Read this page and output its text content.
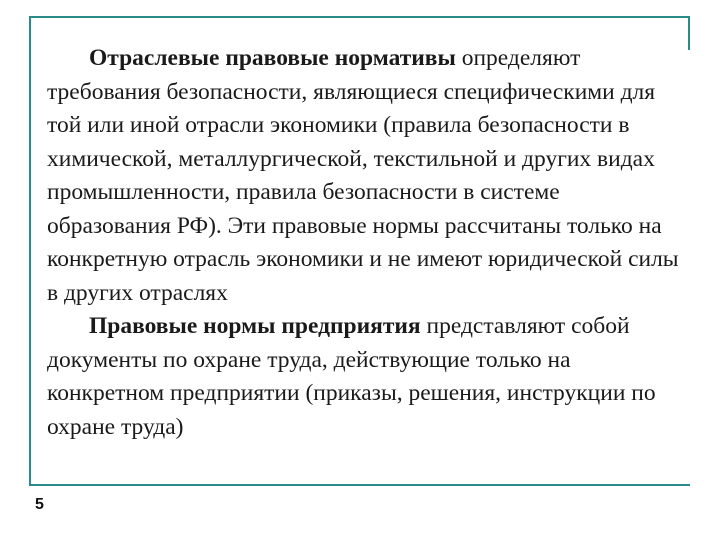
Отраслевые правовые нормативы определяют требования безопасности, являющиеся специфическими для той или иной отрасли экономики (правила безопасности в химической, металлургической, текстильной и других видах промышленности, правила безопасности в системе образования РФ). Эти правовые нормы рассчитаны только на конкретную отрасль экономики и не имеют юридической силы в других отраслях

Правовые нормы предприятия представляют собой документы по охране труда, действующие только на конкретном предприятии (приказы, решения, инструкции по охране труда)

5
